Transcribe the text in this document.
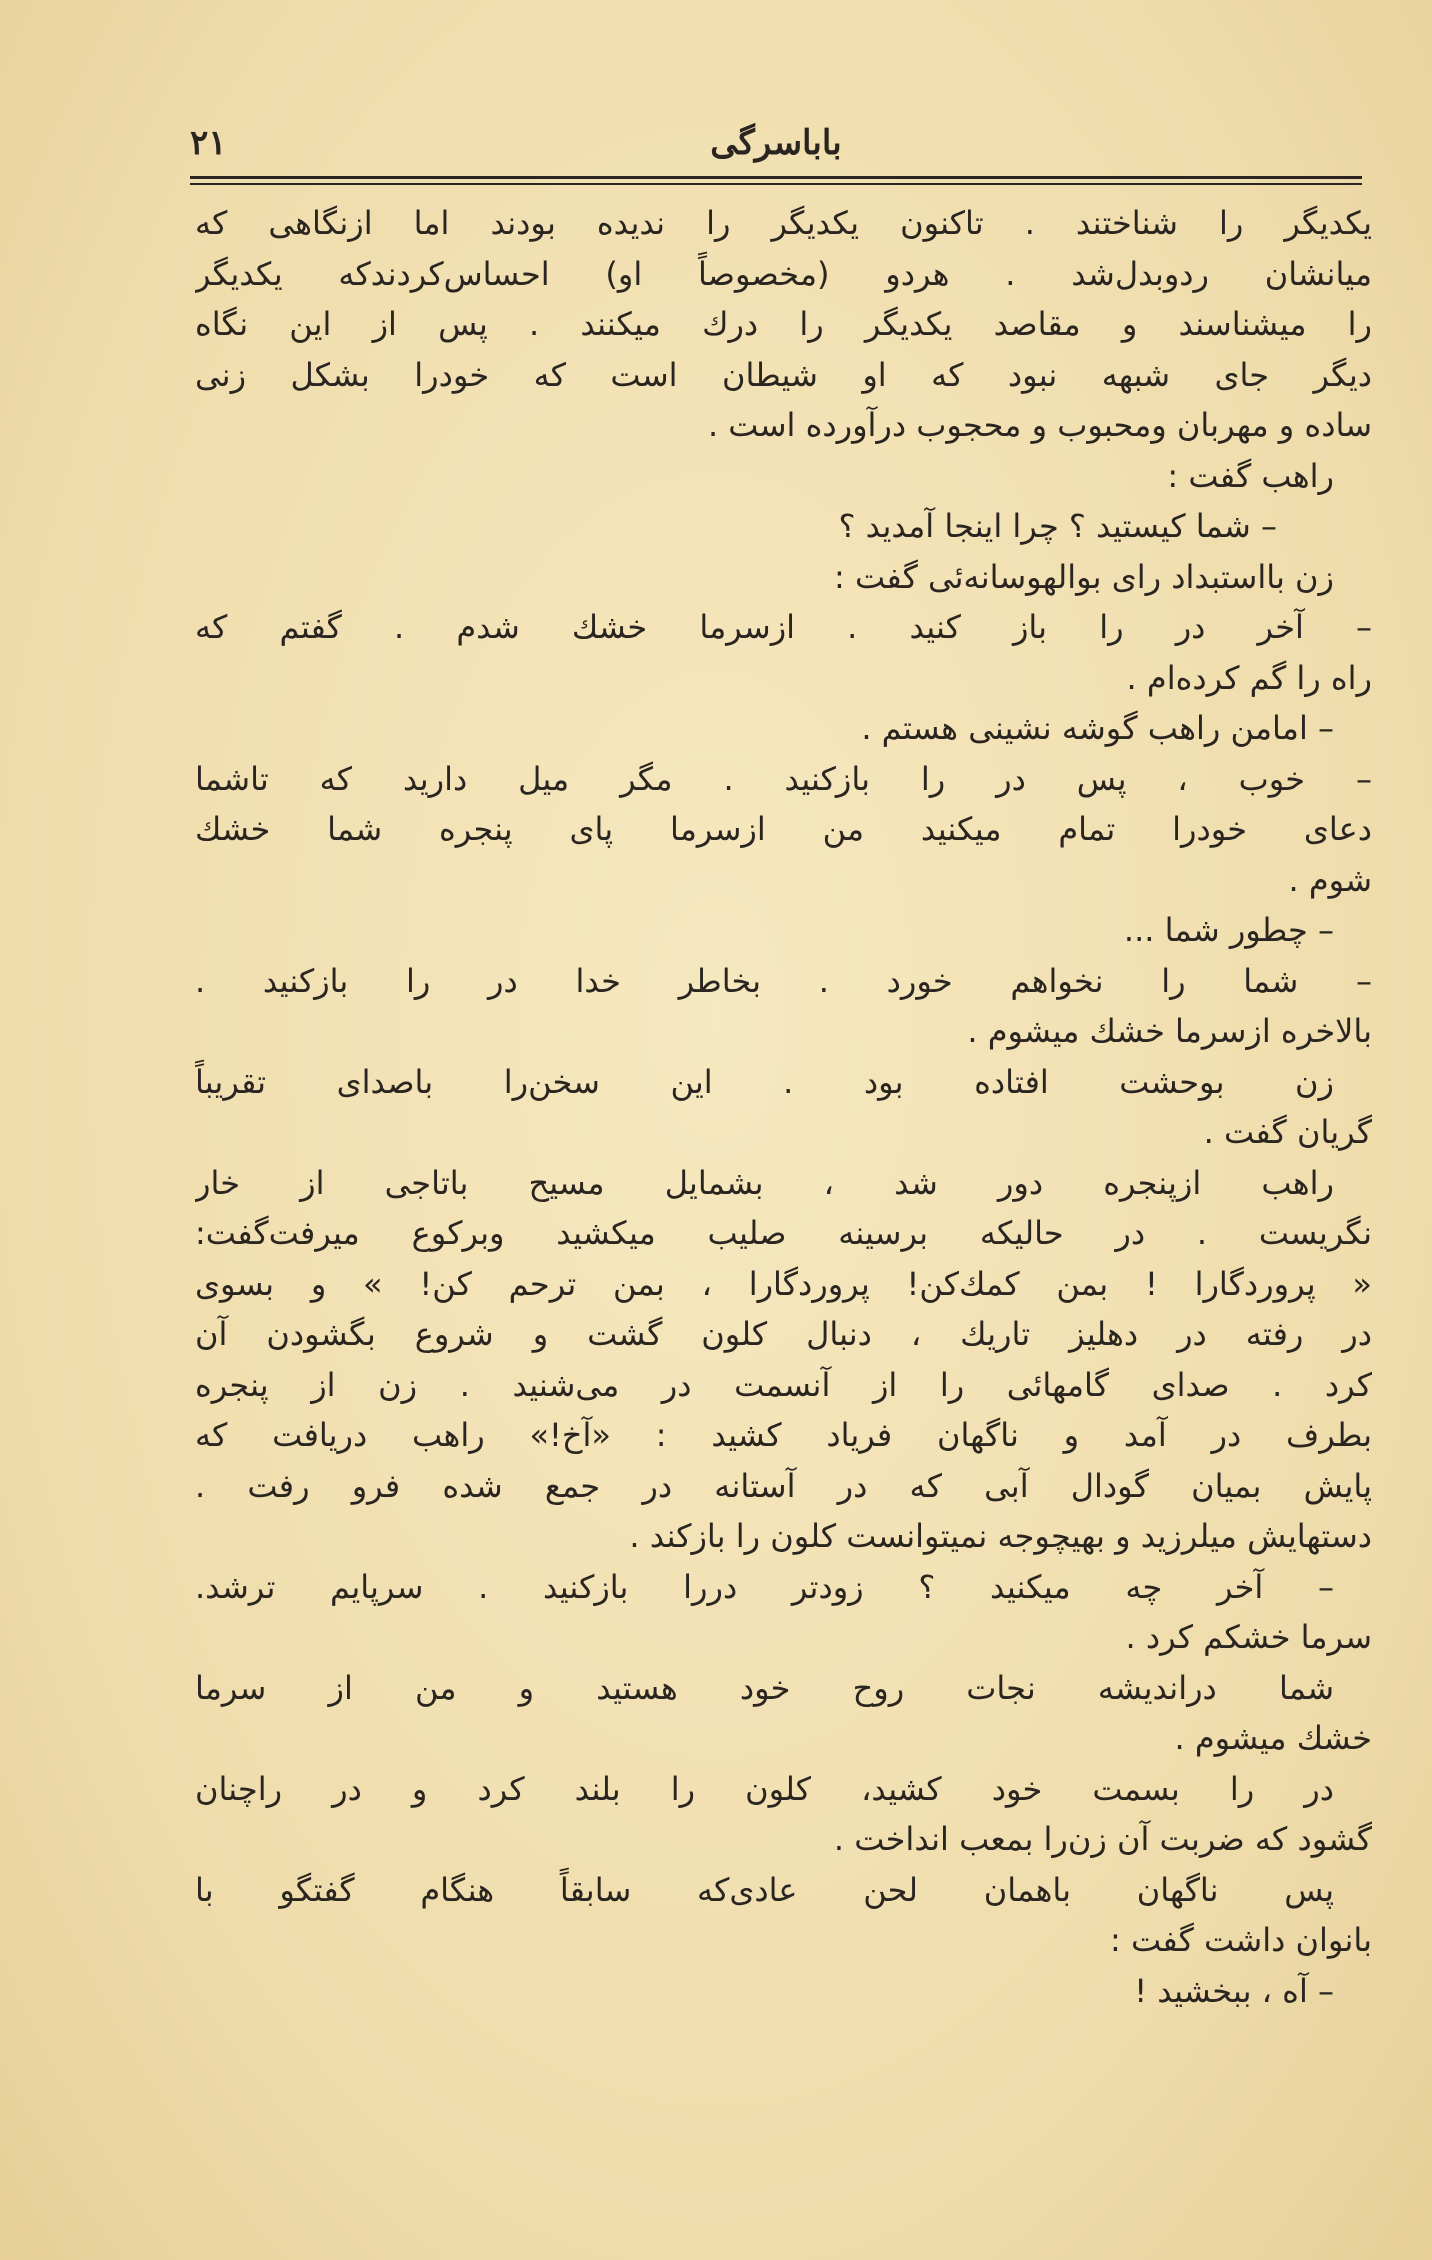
باباسرگی
۲۱
یکدیگر را شناختند . تاکنون یکدیگر را ندیده بودند اما ازنگاهی که
میانشان ردوبدل‌شد . هردو (مخصوصاً او) احساس‌کردندکه یکدیگر
را میشناسند و مقاصد یکدیگر را درك میکنند . پس از این نگاه
دیگر جای شبهه نبود که او شیطان است که خودرا بشکل زنی
ساده و مهربان ومحبوب و محجوب درآورده است .
راهب گفت :
– شما کیستید ؟ چرا اینجا آمدید ؟
زن بااستبداد رای بوالهوسانه‌ئی گفت :
– آخر در را باز کنید . ازسرما خشك شدم . گفتم که
راه را گم کرده‌ام .
– امامن راهب گوشه نشینی هستم .
– خوب ، پس در را بازکنید . مگر میل دارید که تاشما
دعای خودرا تمام میکنید من ازسرما پای پنجره شما خشك
شوم .
– چطور شما ...
– شما را نخواهم خورد . بخاطر خدا در را بازکنید .
بالاخره ازسرما خشك میشوم .
زن بوحشت افتاده بود . این سخن‌را باصدای تقریباً
گریان گفت .
راهب ازپنجره دور شد ، بشمایل مسیح باتاجی از خار
نگریست . در حالیکه برسینه صلیب میکشید وبرکوع میرفت‌گفت:
« پروردگارا ! بمن کمك‌کن! پروردگارا ، بمن ترحم کن! » و بسوی
در رفته در دهلیز تاریك ، دنبال کلون گشت و شروع بگشودن آن
کرد . صدای گامهائی را از آنسمت در می‌شنید . زن از پنجره
بطرف در آمد و ناگهان فریاد کشید : «آخ!» راهب دریافت که
پایش بمیان گودال آبی که در آستانه در جمع شده فرو رفت .
دستهایش میلرزید و بهیچوجه نمیتوانست کلون را بازکند .
– آخر چه میکنید ؟ زودتر دررا بازکنید . سرپایم ترشد.
سرما خشکم کرد .
شما دراندیشه نجات روح خود هستید و من از سرما
خشك میشوم .
در را بسمت خود کشید، کلون را بلند کرد و در راچنان
گشود که ضربت آن زن‌را بمعب انداخت .
پس ناگهان باهمان لحن عادی‌که سابقاً هنگام گفتگو با
بانوان داشت گفت :
– آه ، ببخشید !
